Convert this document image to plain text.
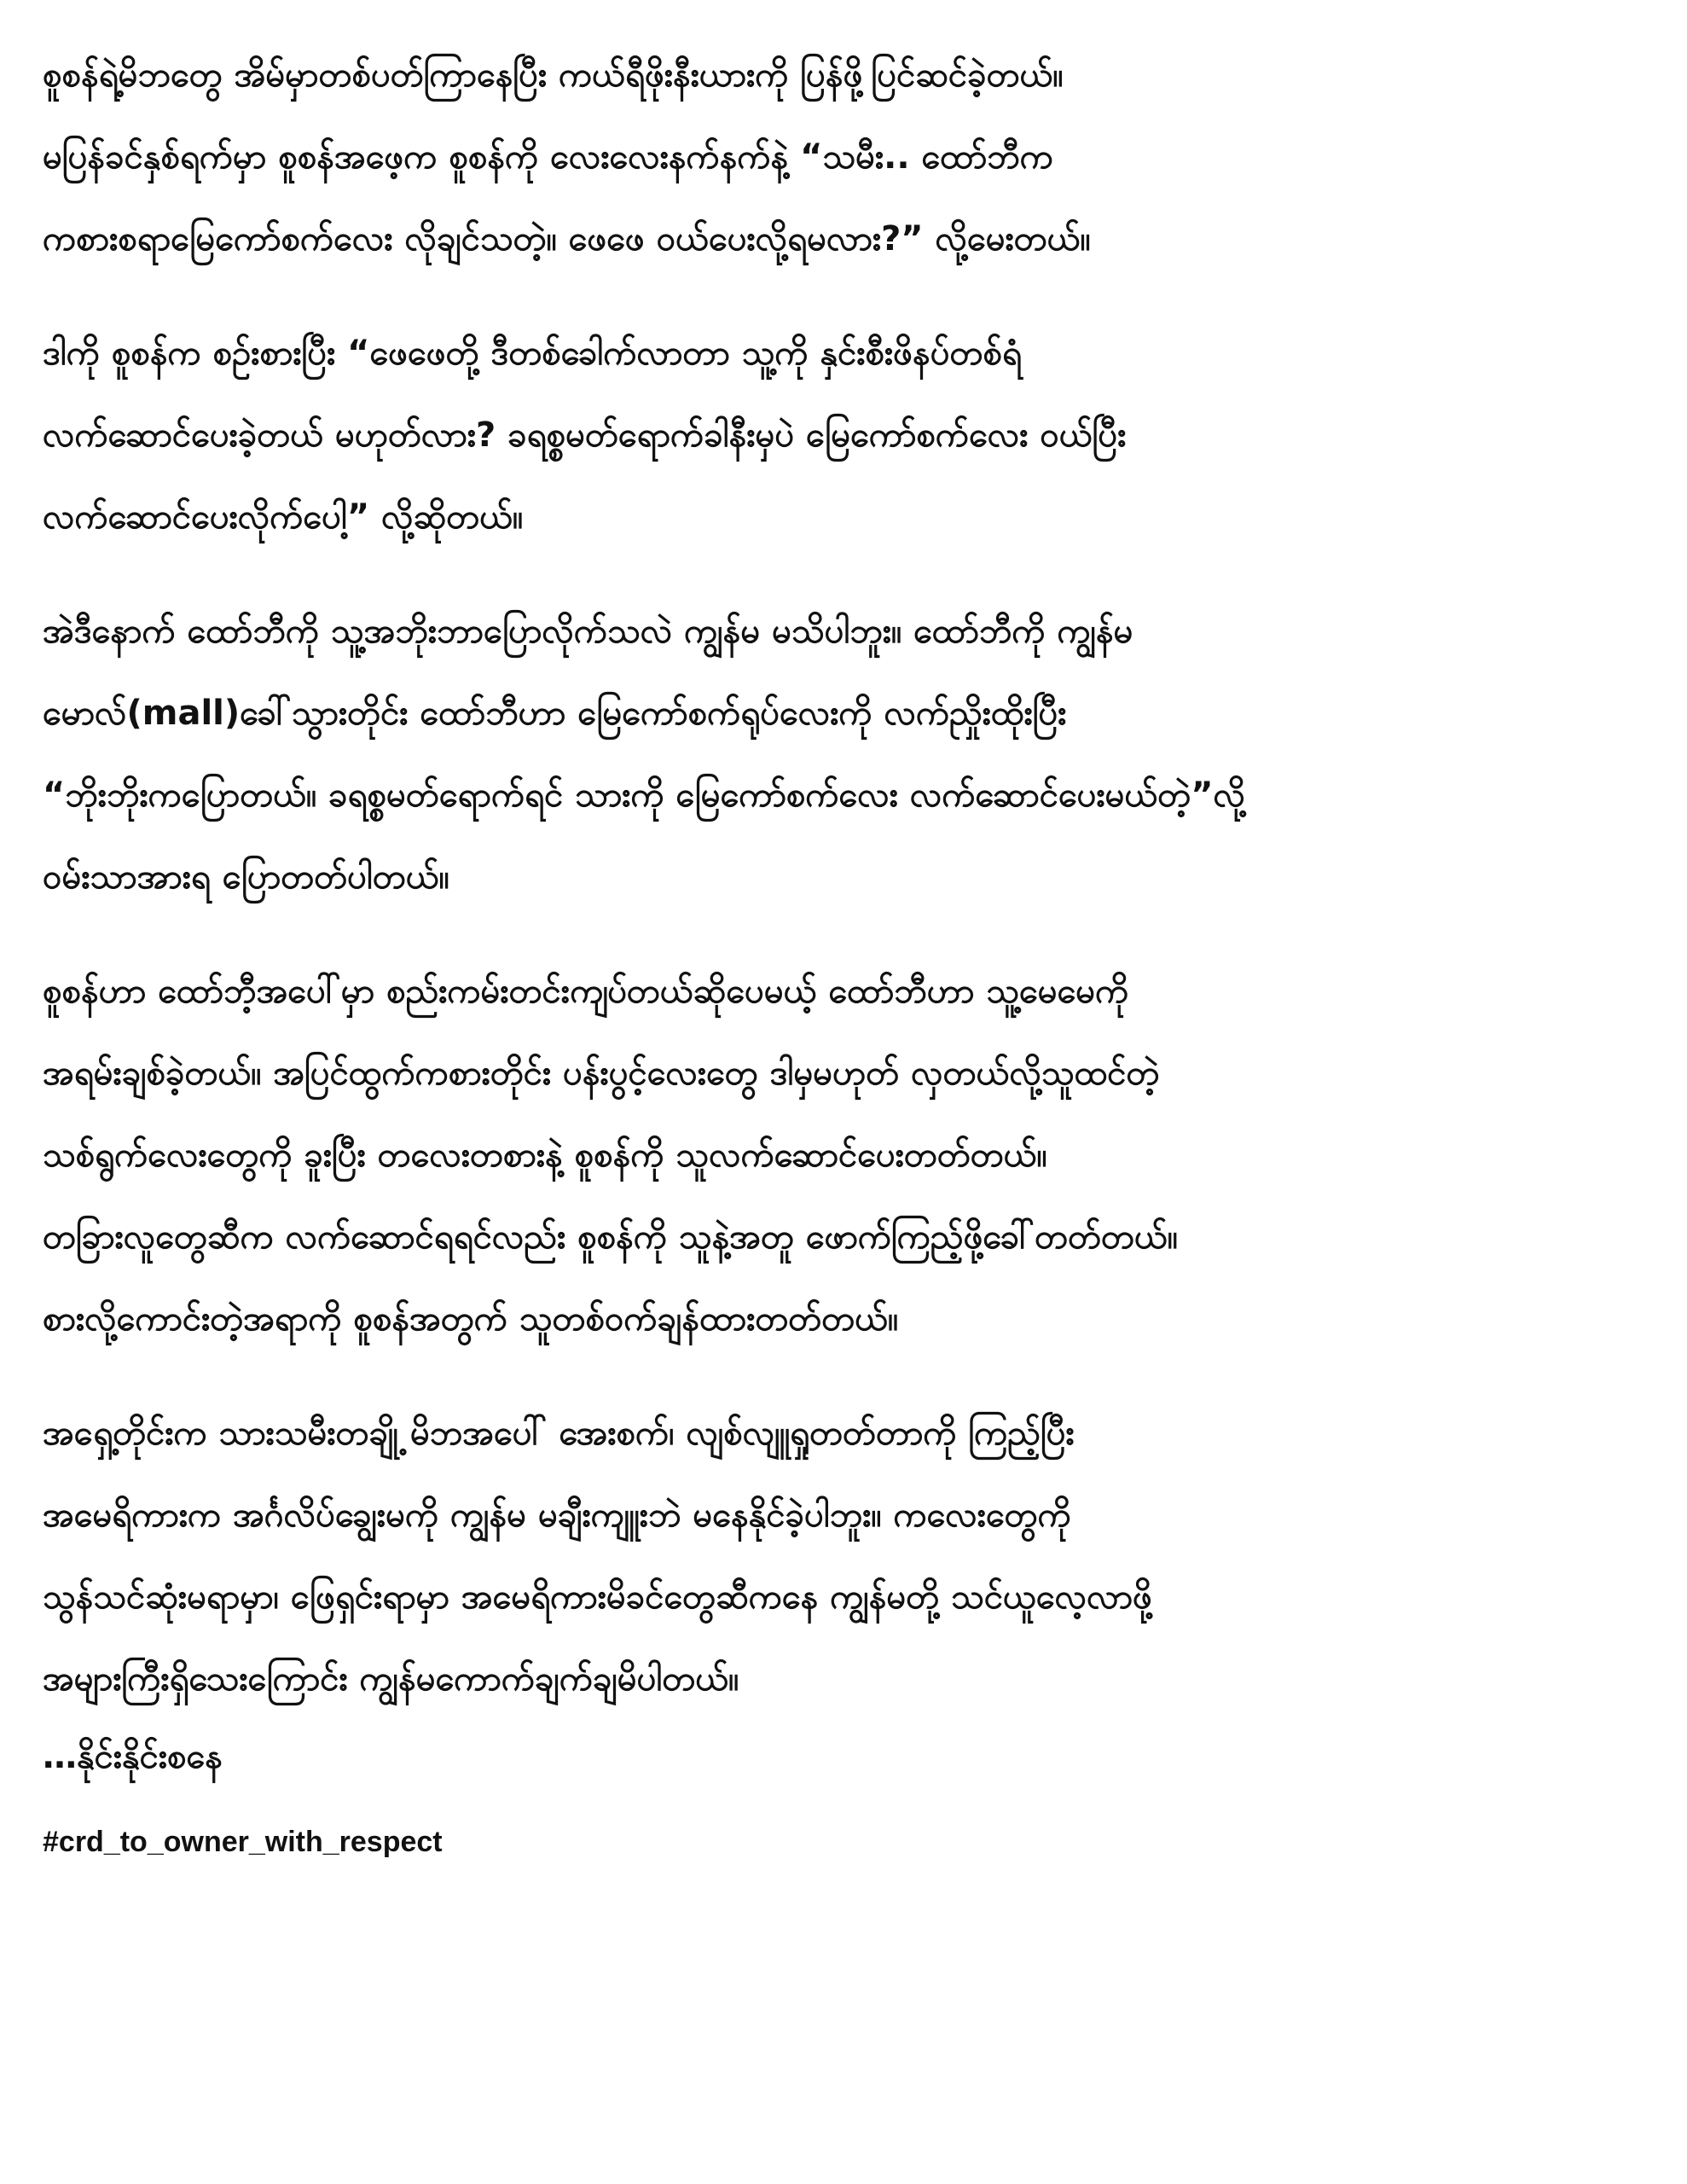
စူစန်ရဲ့မိဘတွေ အိမ်မှာတစ်ပတ်ကြာနေပြီး ကယ်ရီဖိုးနီးယားကို ပြန်ဖို့ပြင်ဆင်ခဲ့တယ်။
မပြန်ခင်နှစ်ရက်မှာ စူစန်အဖေ့က စူစန်ကို လေးလေးနက်နက်နဲ့ “သမီး.. ထော်ဘီက
ကစားစရာမြေကော်စက်လေး လိုချင်သတဲ့။ ဖေဖေ ဝယ်ပေးလို့ရမလား?” လို့မေးတယ်။
ဒါကို စူစန်က စဉ်းစားပြီး “ဖေဖေတို့ ဒီတစ်ခေါက်လာတာ သူ့ကို နှင်းစီးဖိနပ်တစ်ရံ
လက်ဆောင်ပေးခဲ့တယ် မဟုတ်လား? ခရစ္စမတ်ရောက်ခါနီးမှပဲ မြေကော်စက်လေး ဝယ်ပြီး
လက်ဆောင်ပေးလိုက်ပေါ့” လို့ဆိုတယ်။
အဲဒီနောက် ထော်ဘီကို သူ့အဘိုးဘာပြောလိုက်သလဲ ကျွန်မ မသိပါဘူး။ ထော်ဘီကို ကျွန်မ
မောလ်(mall)ခေါ်သွားတိုင်း ထော်ဘီဟာ မြေကော်စက်ရုပ်လေးကို လက်ညှိုးထိုးပြီး
“ဘိုးဘိုးကပြောတယ်။ ခရစ္စမတ်ရောက်ရင် သားကို မြေကော်စက်လေး လက်ဆောင်ပေးမယ်တဲ့”လို့
ဝမ်းသာအားရ ပြောတတ်ပါတယ်။
စူစန်ဟာ ထော်ဘီ့အပေါ်မှာ စည်းကမ်းတင်းကျပ်တယ်ဆိုပေမယ့် ထော်ဘီဟာ သူ့မေမေကို
အရမ်းချစ်ခဲ့တယ်။ အပြင်ထွက်ကစားတိုင်း ပန်းပွင့်လေးတွေ ဒါမှမဟုတ် လှတယ်လို့သူထင်တဲ့
သစ်ရွက်လေးတွေကို ခူးပြီး တလေးတစားနဲ့ စူစန်ကို သူလက်ဆောင်ပေးတတ်တယ်။
တခြားလူတွေဆီက လက်ဆောင်ရရင်လည်း စူစန်ကို သူနဲ့အတူ ဖောက်ကြည့်ဖို့ခေါ်တတ်တယ်။
စားလို့ကောင်းတဲ့အရာကို စူစန်အတွက် သူတစ်ဝက်ချန်ထားတတ်တယ်။
အရှေ့တိုင်းက သားသမီးတချို့ မိဘအပေါ် အေးစက်၊ လျစ်လျူရှုတတ်တာကို ကြည့်ပြီး
အမေရိကားက အင်္ဂလိပ်ချွေးမကို ကျွန်မ မချီးကျူးဘဲ မနေနိုင်ခဲ့ပါဘူး။ ကလေးတွေကို
သွန်သင်ဆုံးမရာမှာ၊ ဖြေရှင်းရာမှာ အမေရိကားမိခင်တွေဆီကနေ ကျွန်မတို့ သင်ယူလေ့လာဖို့
အများကြီးရှိသေးကြောင်း ကျွန်မကောက်ချက်ချမိပါတယ်။
…နိုင်းနိုင်းစနေ
#crd_to_owner_with_respect
